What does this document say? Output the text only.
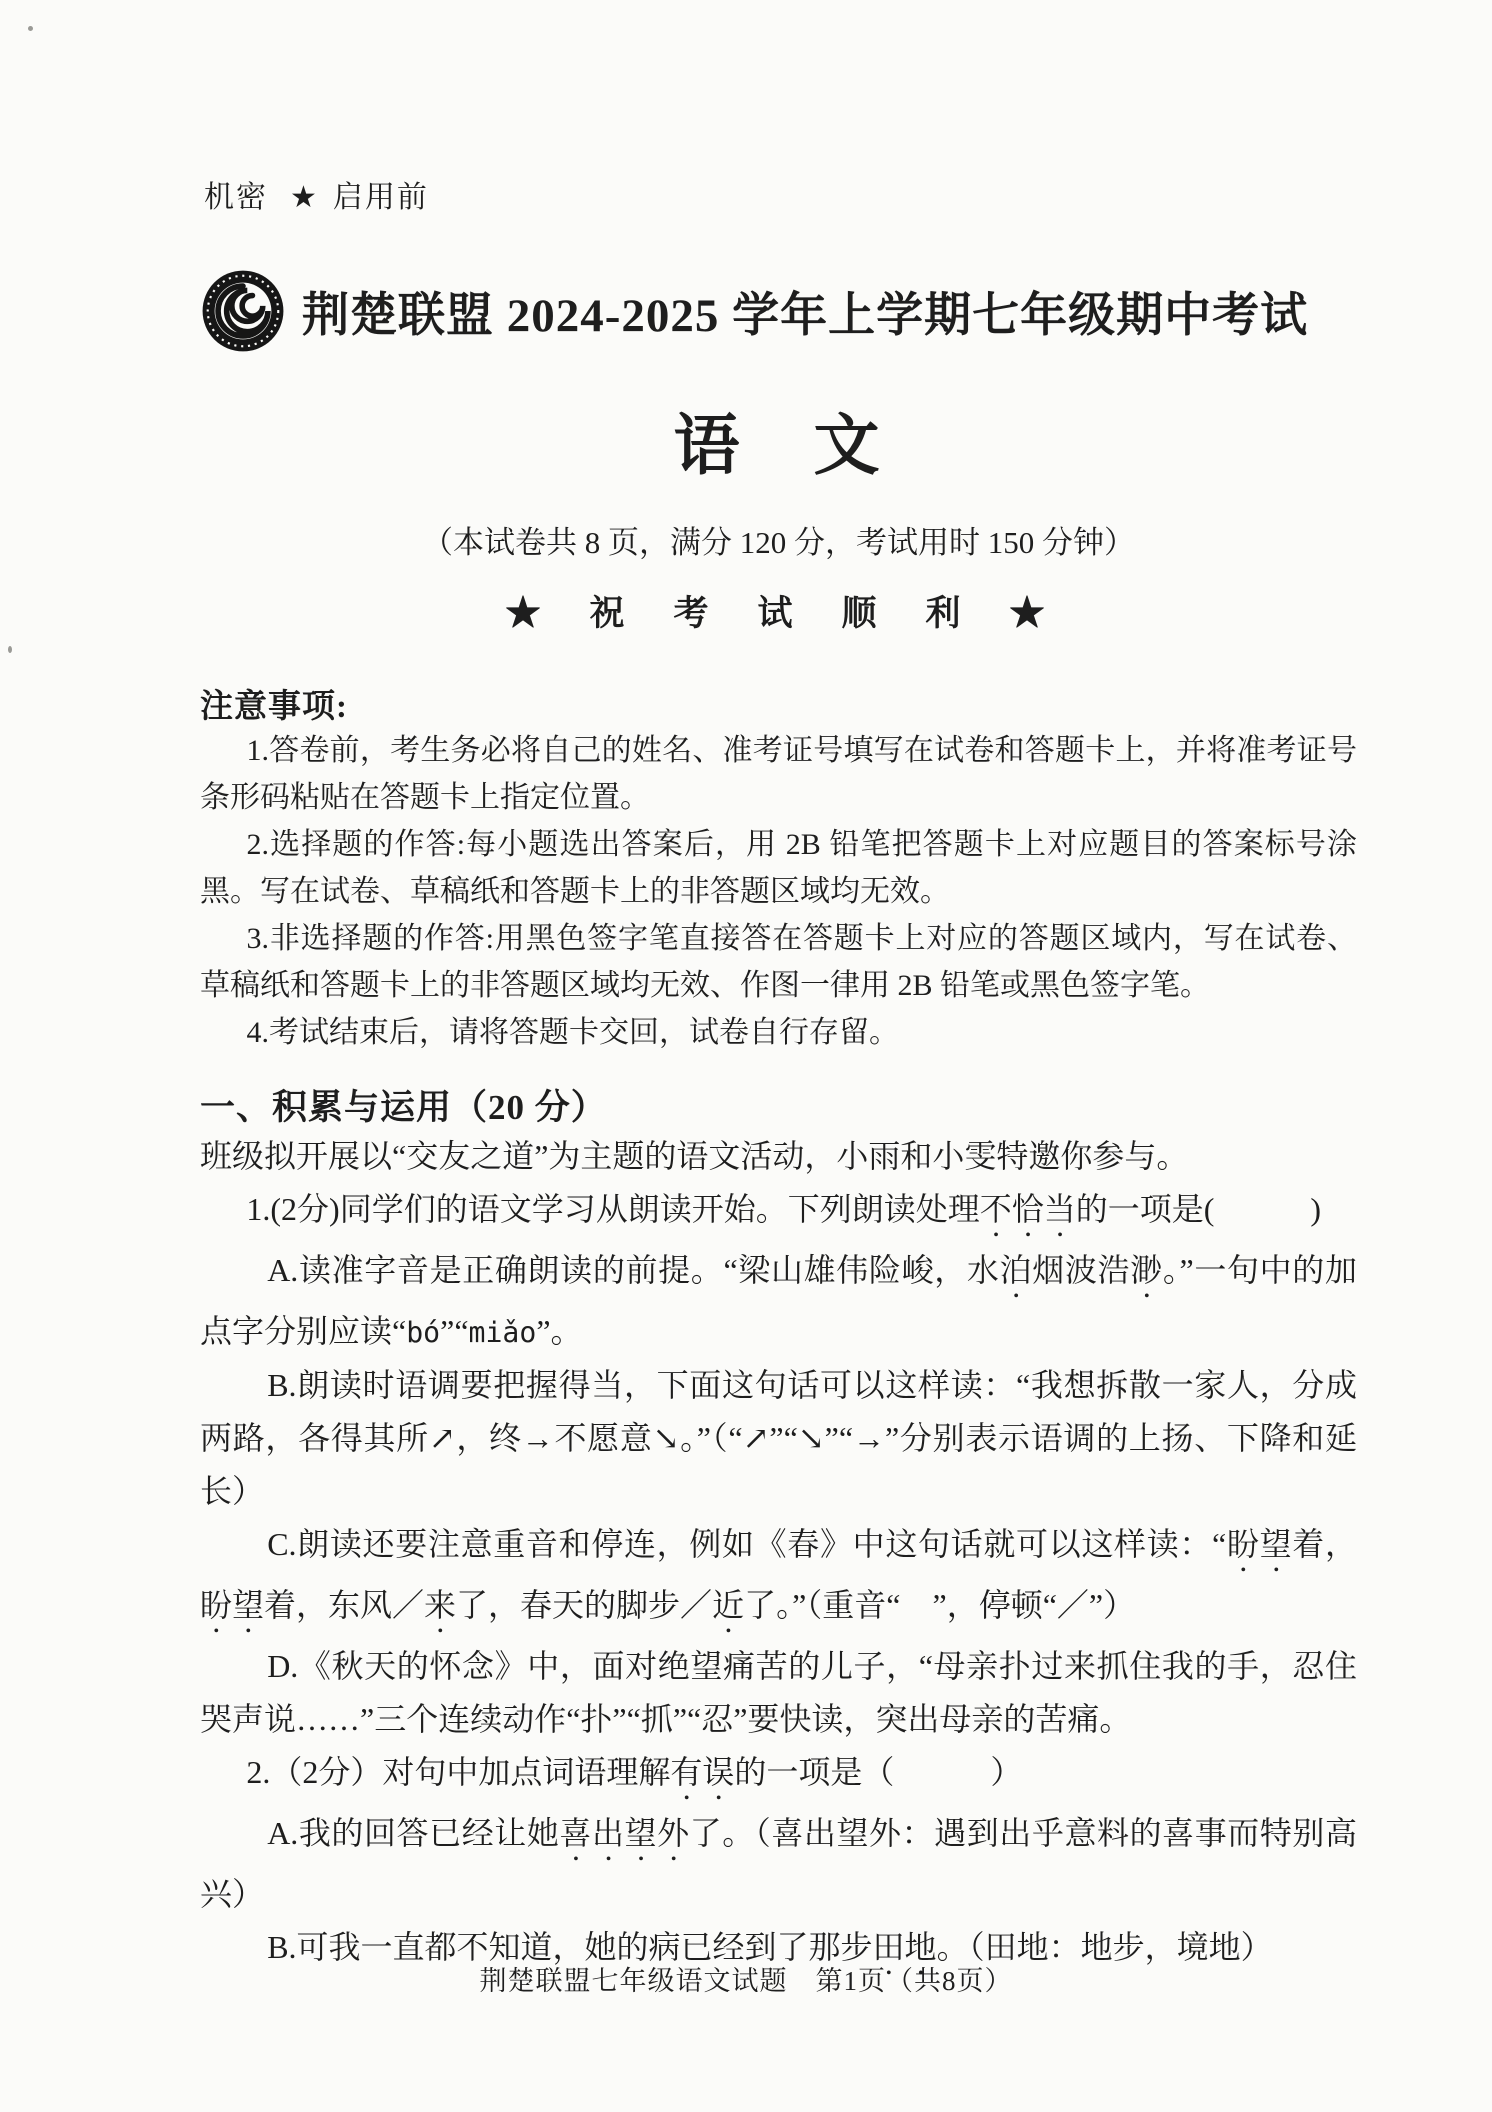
机密 ★ 启用前
荆楚联盟 2024-2025 学年上学期七年级期中考试
语　文
（本试卷共 8 页，满分 120 分，考试用时 150 分钟）
★　祝　考　试　顺　利　★
注意事项:

1.答卷前，考生务必将自己的姓名、准考证号填写在试卷和答题卡上，并将准考证号条形码粘贴在答题卡上指定位置。

2.选择题的作答:每小题选出答案后，用 2B 铅笔把答题卡上对应题目的答案标号涂黑。写在试卷、草稿纸和答题卡上的非答题区域均无效。

3.非选择题的作答:用黑色签字笔直接答在答题卡上对应的答题区域内，写在试卷、草稿纸和答题卡上的非答题区域均无效、作图一律用 2B 铅笔或黑色签字笔。

4.考试结束后，请将答题卡交回，试卷自行存留。

一、积累与运用（20 分）

班级拟开展以“交友之道”为主题的语文活动，小雨和小雯特邀你参与。

1.(2分)同学们的语文学习从朗读开始。下列朗读处理不恰当的一项是(　　　)

A.读准字音是正确朗读的前提。“梁山雄伟险峻，水泊烟波浩渺。”一句中的加点字分别应读“bó”“miǎo”。

B.朗读时语调要把握得当，下面这句话可以这样读：“我想拆散一家人，分成两路，各得其所↗，终→不愿意↘。”（“↗”“↘”“→”分别表示语调的上扬、下降和延长）

C.朗读还要注意重音和停连，例如《春》中这句话就可以这样读：“盼望着，盼望着，东风／来了，春天的脚步／近了。”（重音“　”，停顿“／”）

D.《秋天的怀念》中，面对绝望痛苦的儿子，“母亲扑过来抓住我的手，忍住哭声说……”三个连续动作“扑”“抓”“忍”要快读，突出母亲的苦痛。

2.（2分）对句中加点词语理解有误的一项是（　　　）

A.我的回答已经让她喜出望外了。（喜出望外：遇到出乎意料的喜事而特别高兴）

B.可我一直都不知道，她的病已经到了那步田地。（田地：地步，境地）

荆楚联盟七年级语文试题　第1页（共8页）
